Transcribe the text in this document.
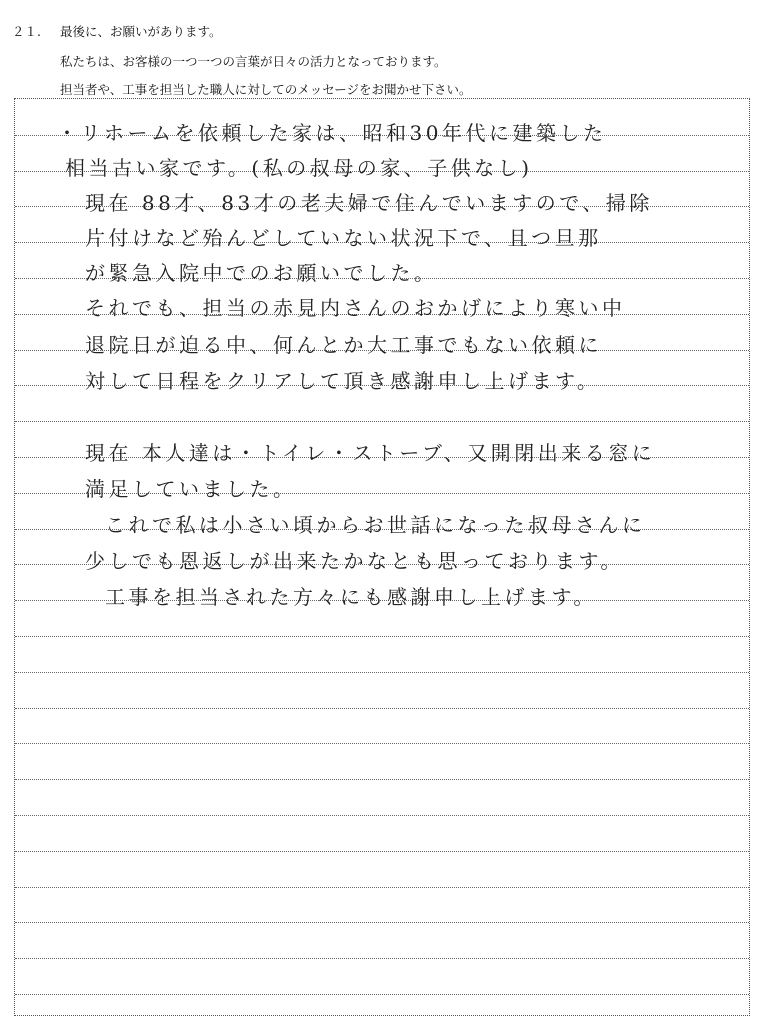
２１. 最後に、お願いがあります。
私たちは、お客様の一つ一つの言葉が日々の活力となっております。
担当者や、工事を担当した職人に対してのメッセージをお聞かせ下さい。
・リホームを依頼した家は、昭和30年代に建築した
相当古い家です。(私の叔母の家、子供なし)
現在 88才、83才の老夫婦で住んでいますので、掃除
片付けなど殆んどしていない状況下で、且つ旦那
が緊急入院中でのお願いでした。
それでも、担当の赤見内さんのおかげにより寒い中
退院日が迫る中、何んとか大工事でもない依頼に
対して日程をクリアして頂き感謝申し上げます。
現在 本人達は・トイレ・ストーブ、又開閉出来る窓に
満足していました。
これで私は小さい頃からお世話になった叔母さんに
少しでも恩返しが出来たかなとも思っております。
工事を担当された方々にも感謝申し上げます。
